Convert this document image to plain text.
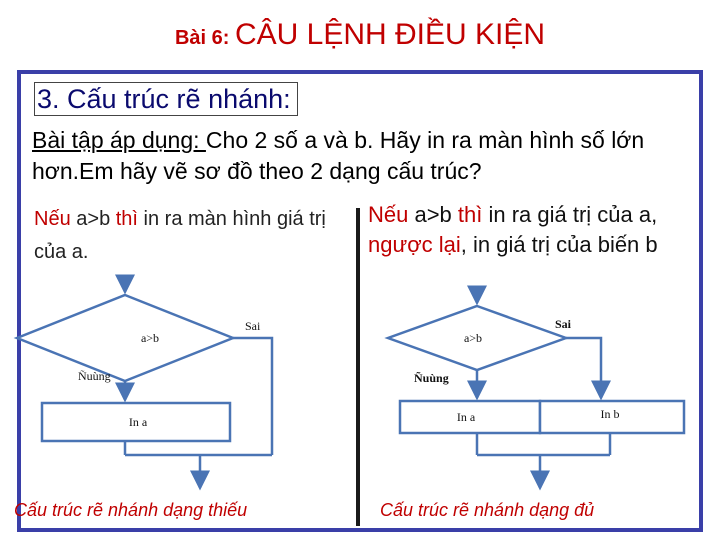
Bài 6: CÂU LỆNH ĐIỀU KIỆN
3. Cấu trúc rẽ nhánh:
Bài tập áp dụng: Cho 2 số a và b. Hãy in ra màn hình số lớn hơn.Em hãy vẽ sơ đồ theo 2 dạng cấu trúc?
Nếu a>b thì in ra màn hình giá trị của a.
Nếu a>b thì in ra giá trị của a, ngược lại, in giá trị của biến b
a>b
Sai
Ñuùng
In a
a>b
Sai
Ñuùng
In a	In b
Cấu trúc rẽ nhánh dạng thiếu	Cấu trúc rẽ nhánh dạng đủ
